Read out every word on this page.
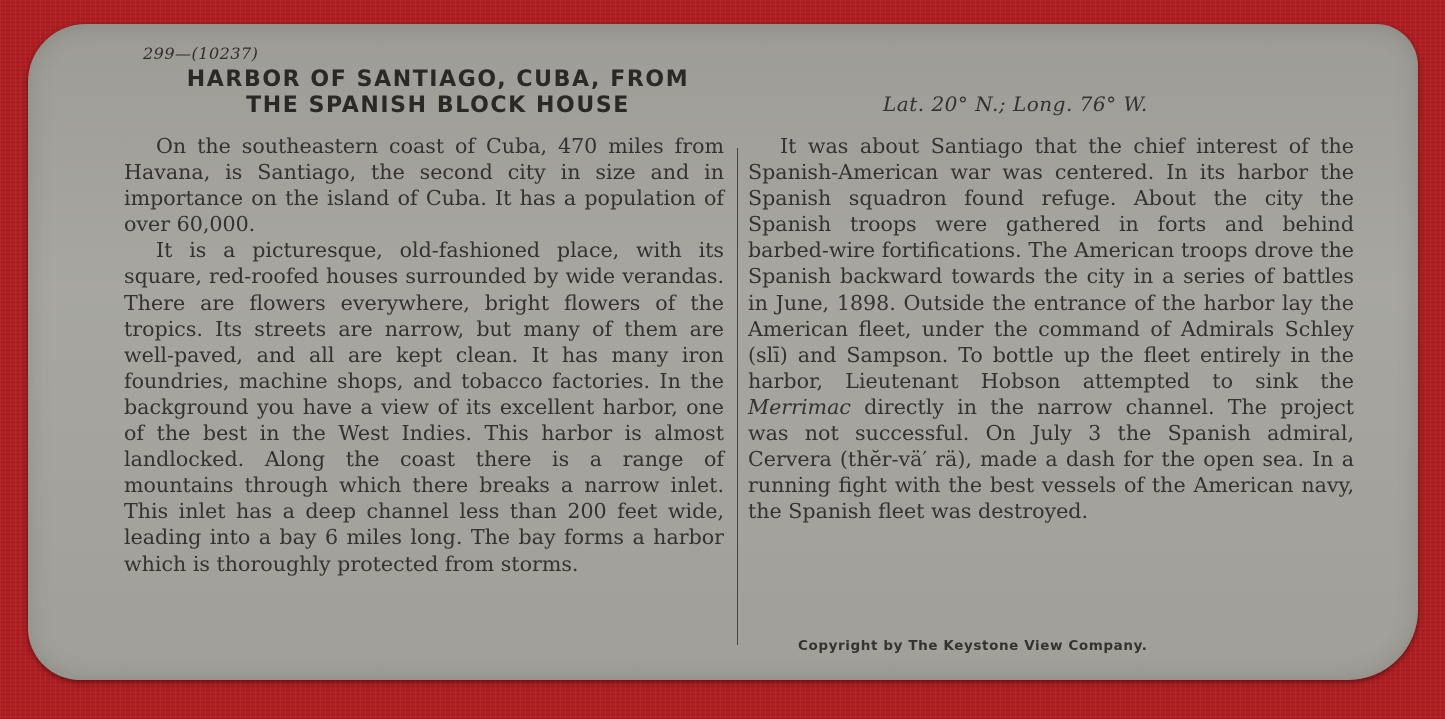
299—(10237)
HARBOR OF SANTIAGO, CUBA, FROM
THE SPANISH BLOCK HOUSE	Lat. 20° N.; Long. 76° W.

On the southeastern coast of Cuba, 470 miles from Havana, is Santiago, the second city in size and in importance on the island of Cuba. It has a population of over 60,000.

It is a picturesque, old-fashioned place, with its square, red-roofed houses surrounded by wide verandas. There are flowers everywhere, bright flowers of the tropics. Its streets are narrow, but many of them are well-paved, and all are kept clean. It has many iron foundries, machine shops, and tobacco factories. In the background you have a view of its excellent harbor, one of the best in the West Indies. This harbor is almost landlocked. Along the coast there is a range of mountains through which there breaks a narrow inlet. This inlet has a deep channel less than 200 feet wide, leading into a bay 6 miles long. The bay forms a harbor which is thoroughly protected from storms.

It was about Santiago that the chief interest of the Spanish-American war was centered. In its harbor the Spanish squadron found refuge. About the city the Spanish troops were gathered in forts and behind barbed-wire fortifications. The American troops drove the Spanish backward towards the city in a series of battles in June, 1898. Outside the entrance of the harbor lay the American fleet, under the command of Admirals Schley (slī) and Sampson. To bottle up the fleet entirely in the harbor, Lieutenant Hobson attempted to sink the Merrimac directly in the narrow channel. The project was not successful. On July 3 the Spanish admiral, Cervera (thĕr-vä′ rä), made a dash for the open sea. In a running fight with the best vessels of the American navy, the Spanish fleet was destroyed.

Copyright by The Keystone View Company.
